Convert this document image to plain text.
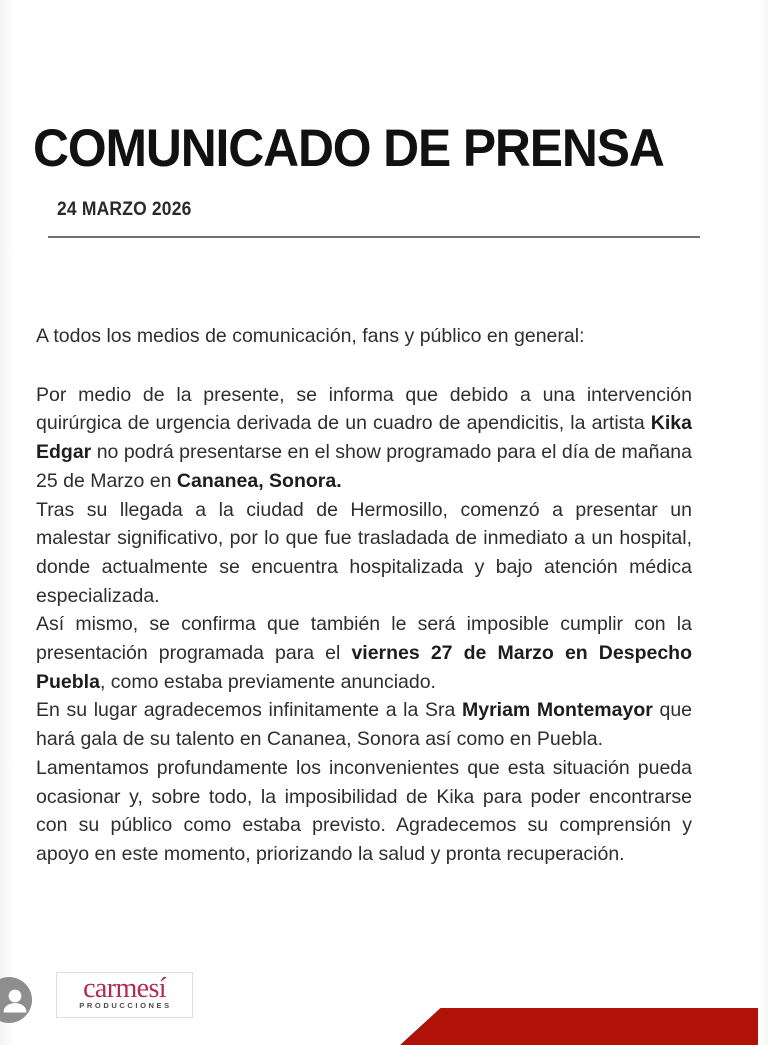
COMUNICADO DE PRENSA
24 MARZO 2026

A todos los medios de comunicación, fans y público en general:

Por medio de la presente, se informa que debido a una intervención quirúrgica de urgencia derivada de un cuadro de apendicitis, la artista Kika Edgar no podrá presentarse en el show programado para el día de mañana 25 de Marzo en Cananea, Sonora.

Tras su llegada a la ciudad de Hermosillo, comenzó a presentar un malestar significativo, por lo que fue trasladada de inmediato a un hospital, donde actualmente se encuentra hospitalizada y bajo atención médica especializada.

Así mismo, se confirma que también le será imposible cumplir con la presentación programada para el viernes 27 de Marzo en Despecho Puebla, como estaba previamente anunciado.

En su lugar agradecemos infinitamente a la Sra Myriam Montemayor que hará gala de su talento en Cananea, Sonora así como en Puebla.

Lamentamos profundamente los inconvenientes que esta situación pueda ocasionar y, sobre todo, la imposibilidad de Kika para poder encontrarse con su público como estaba previsto. Agradecemos su comprensión y apoyo en este momento, priorizando la salud y pronta recuperación.

carmesí
PRODUCCIONES
